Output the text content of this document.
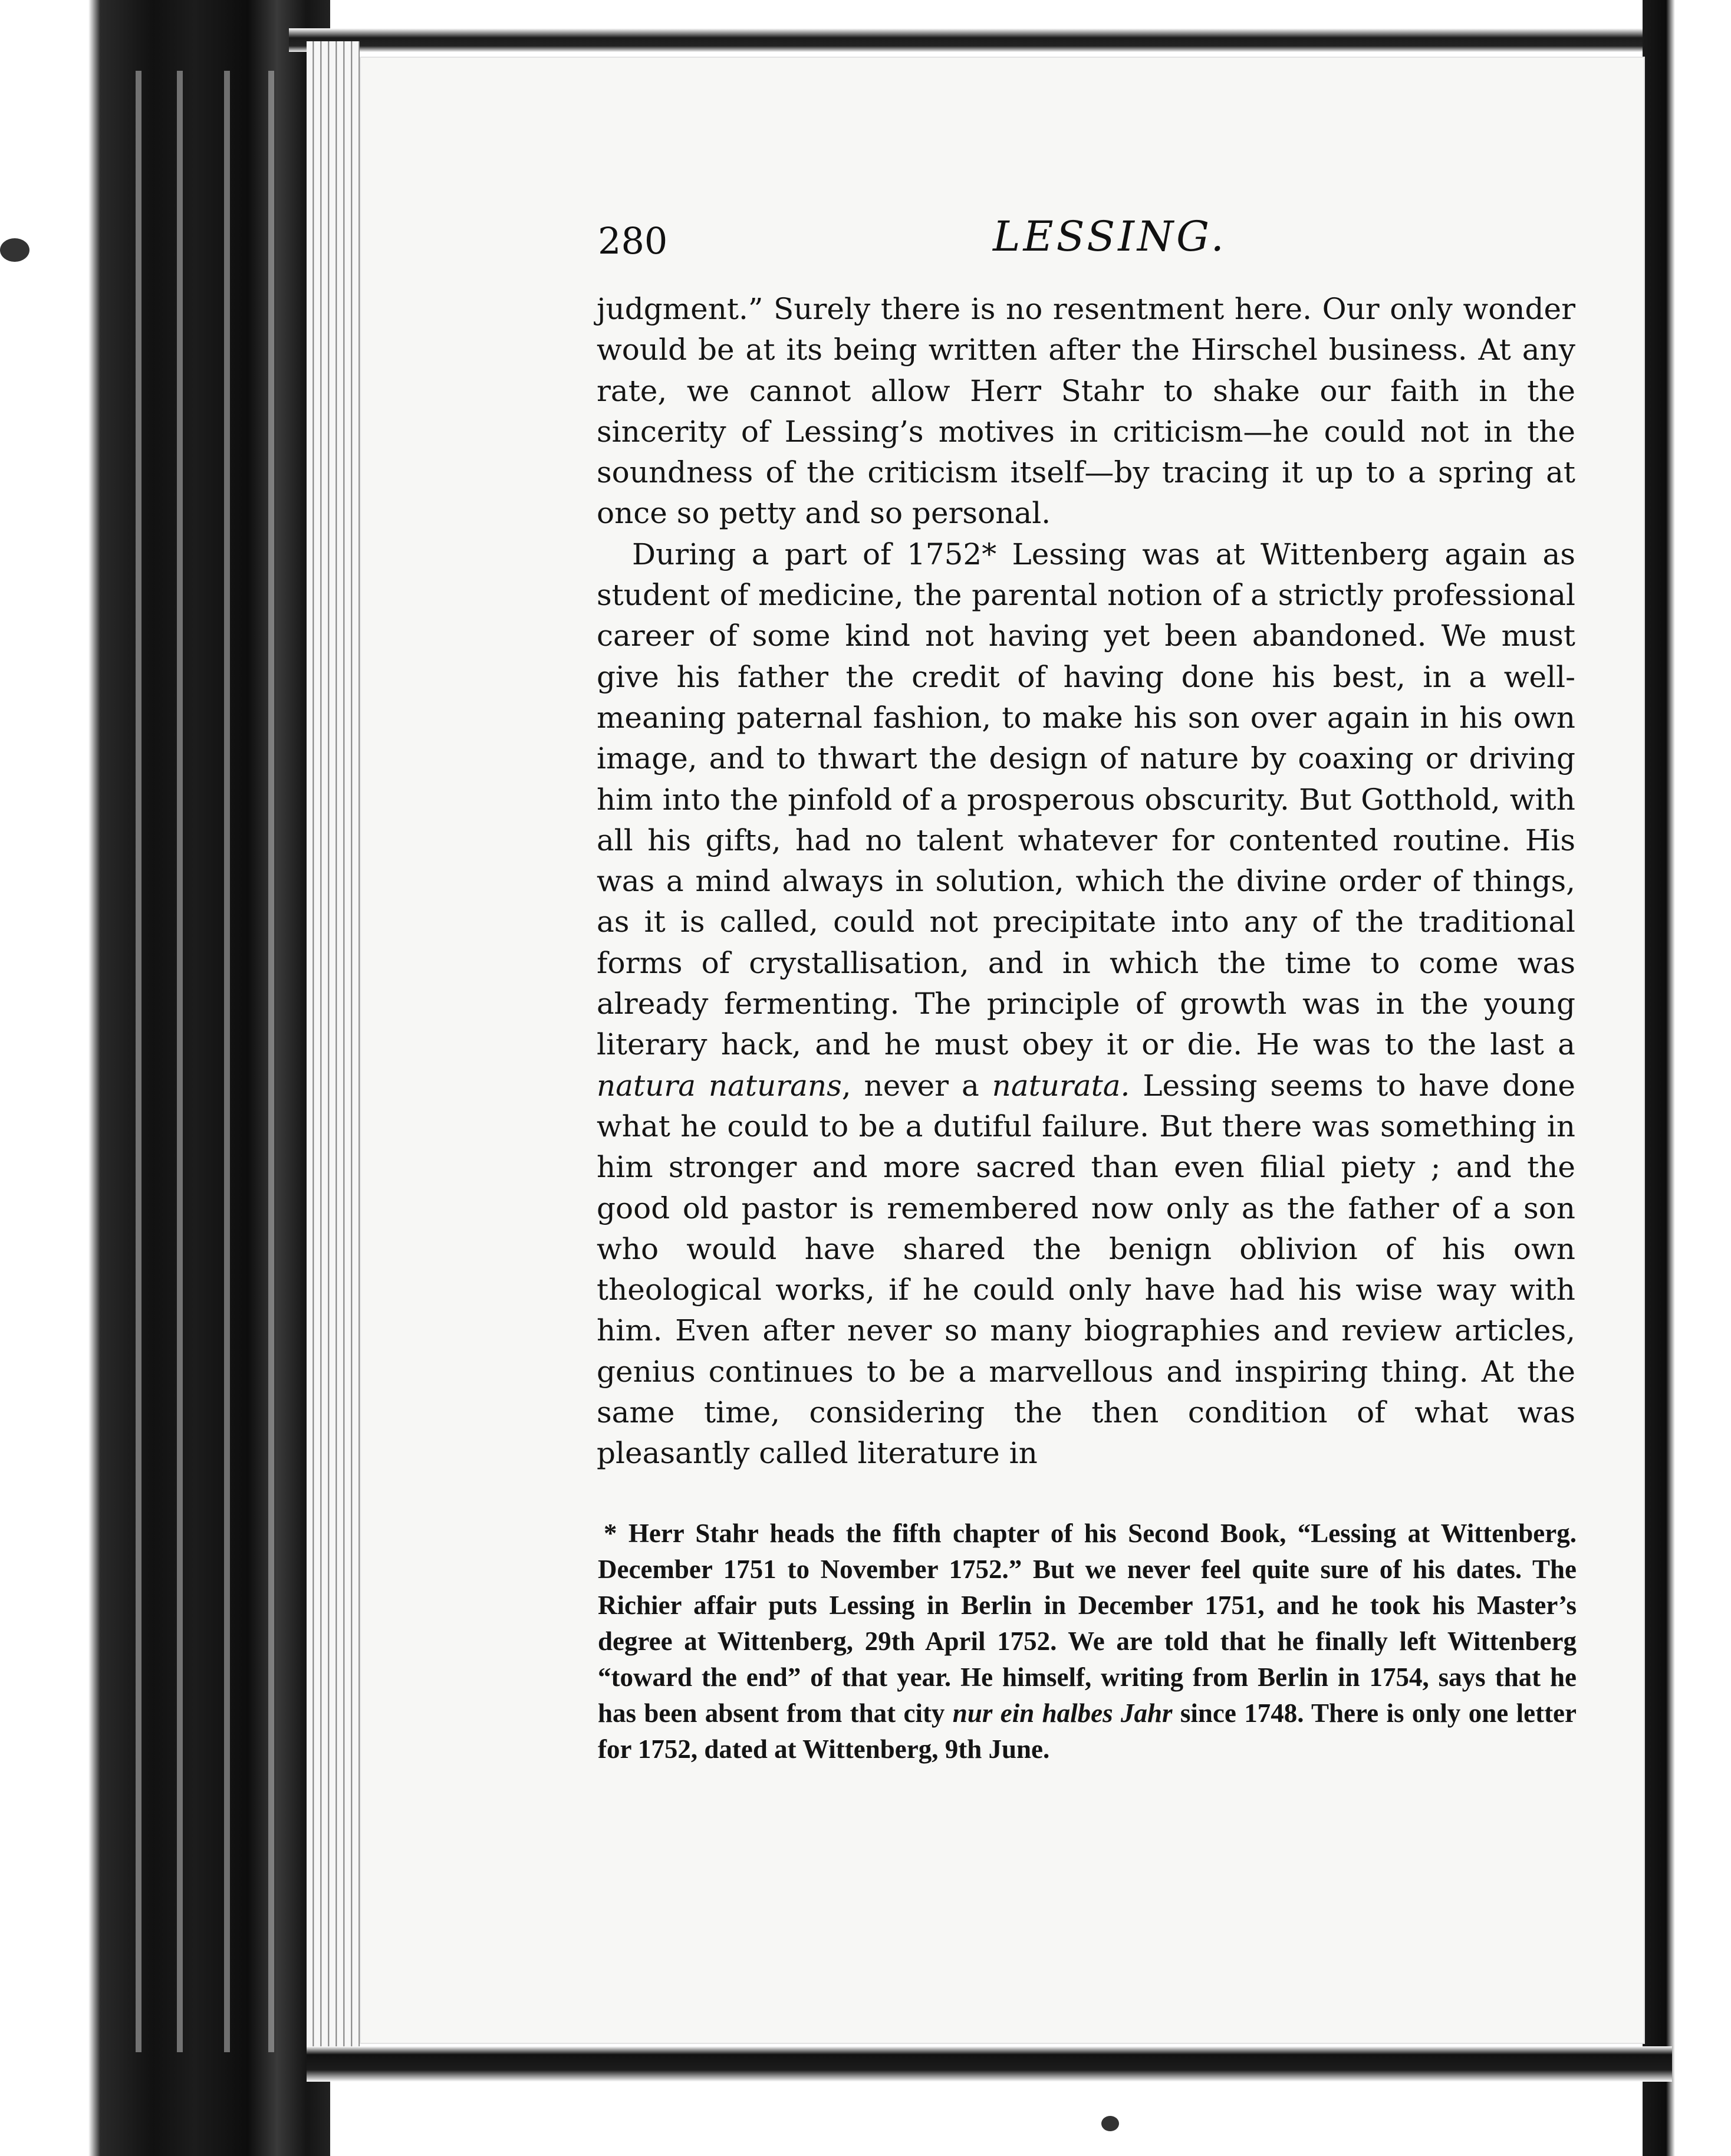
280	LESSING.

judgment.” Surely there is no resentment here. Our only wonder would be at its being written after the Hirschel business. At any rate, we cannot allow Herr Stahr to shake our faith in the sincerity of Lessing’s motives in criticism—he could not in the soundness of the criticism itself—by tracing it up to a spring at once so petty and so personal.

During a part of 1752* Lessing was at Wittenberg again as student of medicine, the parental notion of a strictly professional career of some kind not having yet been abandoned. We must give his father the credit of having done his best, in a well-meaning paternal fashion, to make his son over again in his own image, and to thwart the design of nature by coaxing or driving him into the pinfold of a prosperous obscurity. But Gotthold, with all his gifts, had no talent whatever for contented routine. His was a mind always in solution, which the divine order of things, as it is called, could not precipitate into any of the traditional forms of crystallisation, and in which the time to come was already fermenting. The principle of growth was in the young literary hack, and he must obey it or die. He was to the last a natura naturans, never a naturata. Lessing seems to have done what he could to be a dutiful failure. But there was something in him stronger and more sacred than even filial piety ; and the good old pastor is remembered now only as the father of a son who would have shared the benign oblivion of his own theological works, if he could only have had his wise way with him. Even after never so many biographies and review articles, genius continues to be a marvellous and inspiring thing. At the same time, considering the then condition of what was pleasantly called literature in

* Herr Stahr heads the fifth chapter of his Second Book, “Lessing at Wittenberg. December 1751 to November 1752.” But we never feel quite sure of his dates. The Richier affair puts Lessing in Berlin in December 1751, and he took his Master’s degree at Wittenberg, 29th April 1752. We are told that he finally left Wittenberg “toward the end” of that year. He himself, writing from Berlin in 1754, says that he has been absent from that city nur ein halbes Jahr since 1748. There is only one letter for 1752, dated at Wittenberg, 9th June.
